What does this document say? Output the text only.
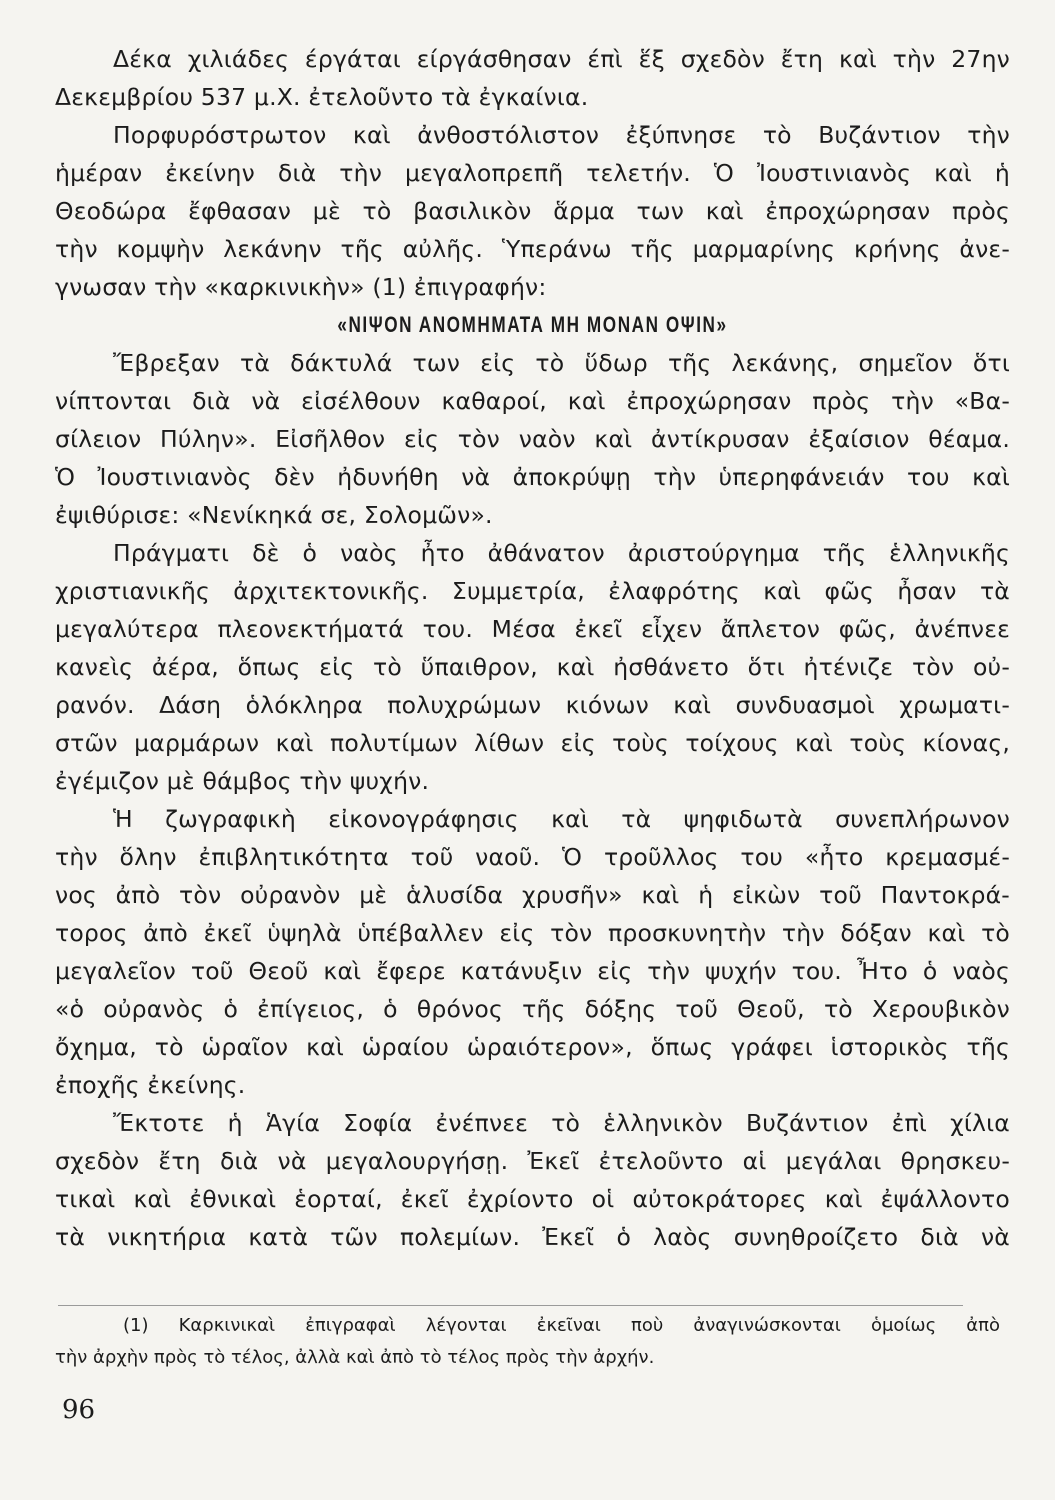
Δέκα χιλιάδες έργάται είργάσθησαν έπὶ ἕξ σχεδὸν ἔτη καὶ τὴν 27ην
Δεκεμβρίου 537 μ.Χ. ἐτελοῦντο τὰ ἐγκαίνια.
Πορφυρόστρωτον καὶ ἀνθοστόλιστον ἐξύπνησε τὸ Βυζάντιον τὴν
ἡμέραν ἐκείνην διὰ τὴν μεγαλοπρεπῆ τελετήν. Ὁ Ἰουστινιανὸς καὶ ἡ
Θεοδώρα ἔφθασαν μὲ τὸ βασιλικὸν ἅρμα των καὶ ἐπροχώρησαν πρὸς
τὴν κομψὴν λεκάνην τῆς αὐλῆς. Ὑπεράνω τῆς μαρμαρίνης κρήνης ἀνε-
γνωσαν τὴν «καρκινικὴν» (1) ἐπιγραφήν:
«ΝΙΨΟΝ ΑΝΟΜΗΜΑΤΑ ΜΗ ΜΟΝΑΝ ΟΨΙΝ»
Ἔβρεξαν τὰ δάκτυλά των εἰς τὸ ὕδωρ τῆς λεκάνης, σημεῖον ὅτι
νίπτονται διὰ νὰ εἰσέλθουν καθαροί, καὶ ἐπροχώρησαν πρὸς τὴν «Βα-
σίλειον Πύλην». Εἰσῆλθον εἰς τὸν ναὸν καὶ ἀντίκρυσαν ἐξαίσιον θέαμα.
Ὁ Ἰουστινιανὸς δὲν ἠδυνήθη νὰ ἀποκρύψῃ τὴν ὑπερηφάνειάν του καὶ
ἐψιθύρισε: «Νενίκηκά σε, Σολομῶν».
Πράγματι δὲ ὁ ναὸς ἦτο ἀθάνατον ἀριστούργημα τῆς ἑλληνικῆς
χριστιανικῆς ἀρχιτεκτονικῆς. Συμμετρία, ἐλαφρότης καὶ φῶς ἦσαν τὰ
μεγαλύτερα πλεονεκτήματά του. Μέσα ἐκεῖ εἶχεν ἄπλετον φῶς, ἀνέπνεε
κανεὶς ἀέρα, ὅπως εἰς τὸ ὕπαιθρον, καὶ ἠσθάνετο ὅτι ἠτένιζε τὸν οὐ-
ρανόν. Δάση ὁλόκληρα πολυχρώμων κιόνων καὶ συνδυασμοὶ χρωματι-
στῶν μαρμάρων καὶ πολυτίμων λίθων εἰς τοὺς τοίχους καὶ τοὺς κίονας,
ἐγέμιζον μὲ θάμβος τὴν ψυχήν.
Ἡ ζωγραφικὴ εἰκονογράφησις καὶ τὰ ψηφιδωτὰ συνεπλήρωνον
τὴν ὅλην ἐπιβλητικότητα τοῦ ναοῦ. Ὁ τροῦλλος του «ἦτο κρεμασμέ-
νος ἀπὸ τὸν οὐρανὸν μὲ ἁλυσίδα χρυσῆν» καὶ ἡ εἰκὼν τοῦ Παντοκρά-
τορος ἀπὸ ἐκεῖ ὑψηλὰ ὑπέβαλλεν εἰς τὸν προσκυνητὴν τὴν δόξαν καὶ τὸ
μεγαλεῖον τοῦ Θεοῦ καὶ ἔφερε κατάνυξιν εἰς τὴν ψυχήν του. Ἦτο ὁ ναὸς
«ὁ οὐρανὸς ὁ ἐπίγειος, ὁ θρόνος τῆς δόξης τοῦ Θεοῦ, τὸ Χερουβικὸν
ὄχημα, τὸ ὡραῖον καὶ ὡραίου ὡραιότερον», ὅπως γράφει ἱστορικὸς τῆς
ἐποχῆς ἐκείνης.
Ἔκτοτε ἡ Ἁγία Σοφία ἐνέπνεε τὸ ἑλληνικὸν Βυζάντιον ἐπὶ χίλια
σχεδὸν ἔτη διὰ νὰ μεγαλουργήσῃ. Ἐκεῖ ἐτελοῦντο αἱ μεγάλαι θρησκευ-
τικαὶ καὶ ἐθνικαὶ ἑορταί, ἐκεῖ ἐχρίοντο οἱ αὐτοκράτορες καὶ ἐψάλλοντο
τὰ νικητήρια κατὰ τῶν πολεμίων. Ἐκεῖ ὁ λαὸς συνηθροίζετο διὰ νὰ
(1) Καρκινικαὶ ἐπιγραφαὶ λέγονται ἐκεῖναι ποὺ ἀναγινώσκονται ὁμοίως ἀπὸ
τὴν ἀρχὴν πρὸς τὸ τέλος, ἀλλὰ καὶ ἀπὸ τὸ τέλος πρὸς τὴν ἀρχήν.
96
